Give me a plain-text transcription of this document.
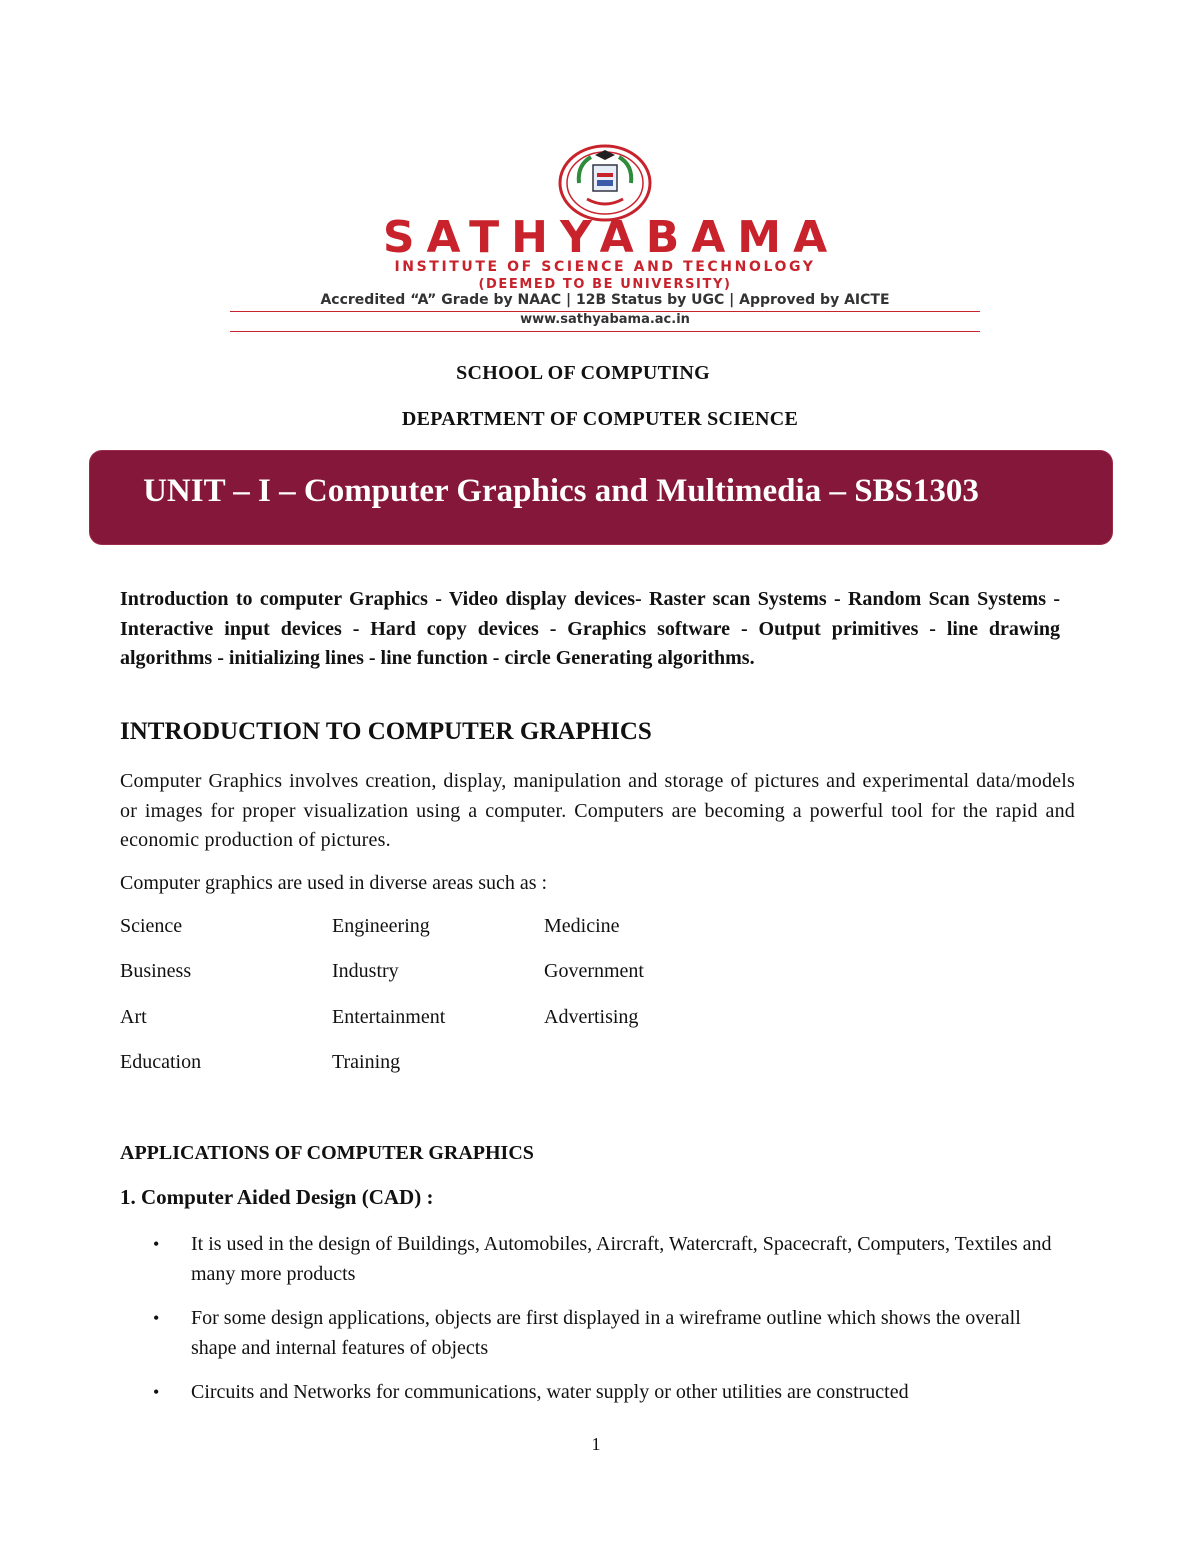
SATHYABAMA
INSTITUTE OF SCIENCE AND TECHNOLOGY
(DEEMED TO BE UNIVERSITY)
Accredited “A” Grade by NAAC | 12B Status by UGC | Approved by AICTE
www.sathyabama.ac.in
SCHOOL OF COMPUTING
DEPARTMENT OF COMPUTER SCIENCE
UNIT – I – Computer Graphics and Multimedia – SBS1303
Introduction to computer Graphics - Video display devices- Raster scan Systems - Random Scan Systems - Interactive input devices - Hard copy devices - Graphics software - Output primitives - line drawing algorithms - initializing lines - line function - circle Generating algorithms.
INTRODUCTION TO COMPUTER GRAPHICS
Computer Graphics involves creation, display, manipulation and storage of pictures and experimental data/models or images for proper visualization using a computer. Computers are becoming a powerful tool for the rapid and economic production of pictures.
Computer graphics are used in diverse areas such as :
Science	Engineering	Medicine
Business	Industry	Government
Art	Entertainment	Advertising
Education	Training
APPLICATIONS OF COMPUTER GRAPHICS
1. Computer Aided Design (CAD) :
• It is used in the design of Buildings, Automobiles, Aircraft, Watercraft, Spacecraft, Computers, Textiles and many more products
• For some design applications, objects are first displayed in a wireframe outline which shows the overall shape and internal features of objects
• Circuits and Networks for communications, water supply or other utilities are constructed
1
